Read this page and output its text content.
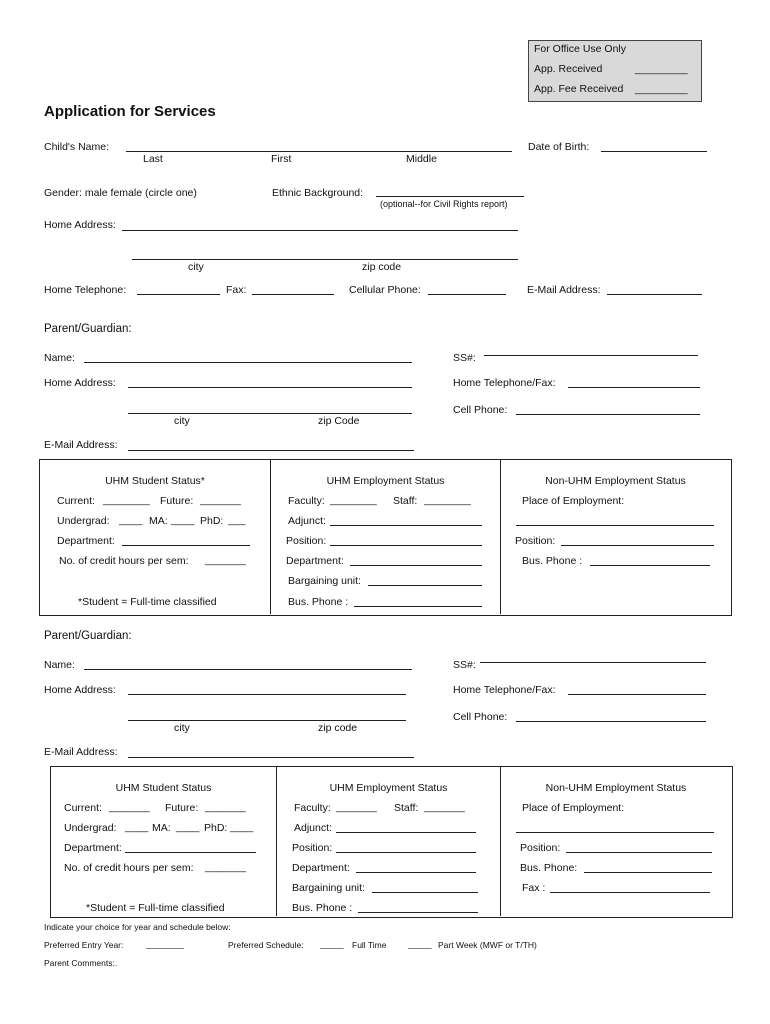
For Office Use Only
App. Received	_________
App. Fee Received _________
Application for Services
Child's Name:
Last	First	Middle
Date of Birth:
Gender: male female (circle one)	Ethnic Background:
(optional--for Civil Rights report)
Home Address:
city	zip code
Home Telephone:	Fax:	Cellular Phone:	E-Mail Address:
Parent/Guardian:
Name:	SS#:
Home Address:	Home Telephone/Fax:
city	zip Code
Cell Phone:
E-Mail Address:
UHM Student Status*
Current: ________ Future: _______
Undergrad: ____ MA: ____ PhD: ___
Department:
No. of credit hours per sem: _______
*Student = Full-time classified
UHM Employment Status
Faculty: ________ Staff: ________
Adjunct:
Position:
Department:
Bargaining unit:
Bus. Phone :
Non-UHM Employment Status
Place of Employment:
Position:
Bus. Phone :
Parent/Guardian:
Name:	SS#:
Home Address:	Home Telephone/Fax:
city	zip code
Cell Phone:
E-Mail Address:
UHM Student Status
Current: _______ Future: _______
Undergrad: ____ MA: ____ PhD: ____
Department:
No. of credit hours per sem: _______
*Student = Full-time classified
UHM Employment Status
Faculty: _______ Staff: _______
Adjunct:
Position:
Department:
Bargaining unit:
Bus. Phone :
Non-UHM Employment Status
Place of Employment:
Position:
Bus. Phone:
Fax :
Indicate your choice for year and schedule below:
Preferred Entry Year:	________	Preferred Schedule: _____ Full Time	_____ Part Week (MWF or T/TH)
Parent Comments:.
